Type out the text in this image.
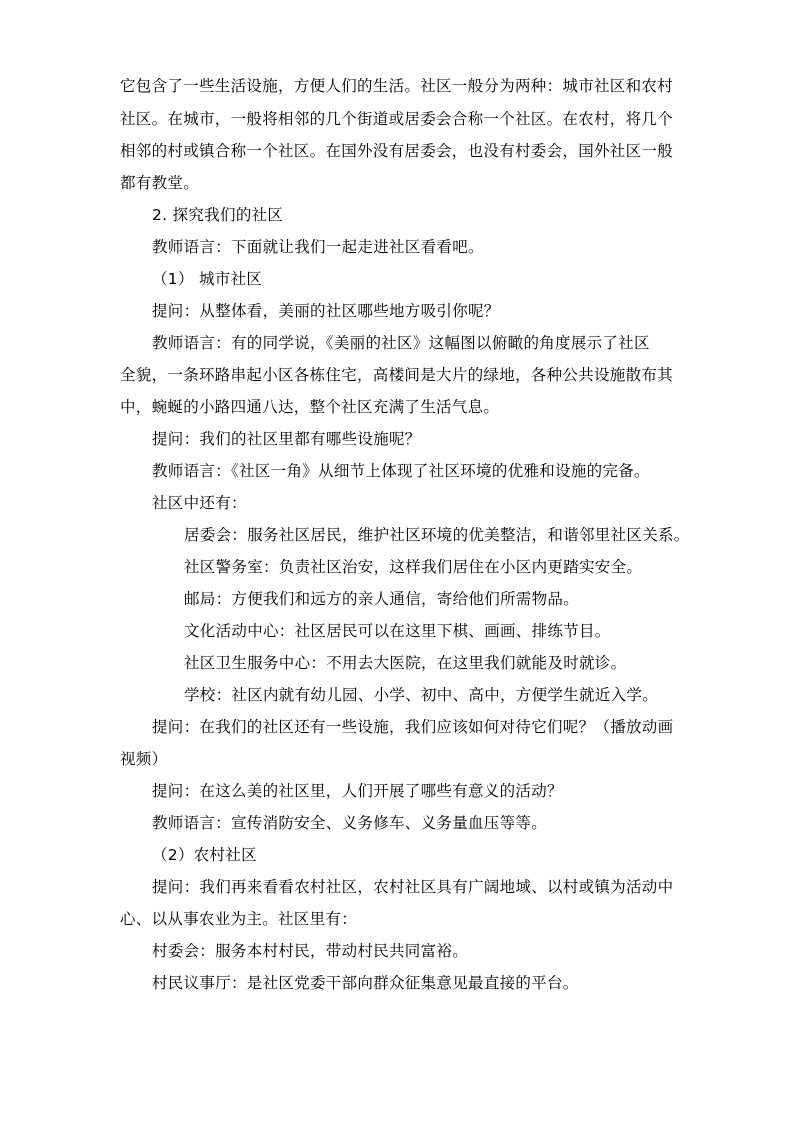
它包含了一些生活设施，方便人们的生活。社区一般分为两种：城市社区和农村
社区。在城市，一般将相邻的几个街道或居委会合称一个社区。在农村，将几个
相邻的村或镇合称一个社区。在国外没有居委会，也没有村委会，国外社区一般
都有教堂。
2. 探究我们的社区
教师语言：下面就让我们一起走进社区看看吧。
（1） 城市社区
提问：从整体看，美丽的社区哪些地方吸引你呢？
教师语言：有的同学说，《美丽的社区》这幅图以俯瞰的角度展示了社区
全貌，一条环路串起小区各栋住宅，高楼间是大片的绿地，各种公共设施散布其
中，蜿蜒的小路四通八达，整个社区充满了生活气息。
提问：我们的社区里都有哪些设施呢？
教师语言：《社区一角》从细节上体现了社区环境的优雅和设施的完备。
社区中还有：
居委会：服务社区居民，维护社区环境的优美整洁，和谐邻里社区关系。
社区警务室：负责社区治安，这样我们居住在小区内更踏实安全。
邮局：方便我们和远方的亲人通信，寄给他们所需物品。
文化活动中心：社区居民可以在这里下棋、画画、排练节目。
社区卫生服务中心：不用去大医院，在这里我们就能及时就诊。
学校：社区内就有幼儿园、小学、初中、高中，方便学生就近入学。
提问：在我们的社区还有一些设施，我们应该如何对待它们呢？（播放动画
视频）
提问：在这么美的社区里，人们开展了哪些有意义的活动？
教师语言：宣传消防安全、义务修车、义务量血压等等。
（2）农村社区
提问：我们再来看看农村社区，农村社区具有广阔地域、以村或镇为活动中
心、以从事农业为主。社区里有：
村委会：服务本村村民，带动村民共同富裕。
村民议事厅：是社区党委干部向群众征集意见最直接的平台。
